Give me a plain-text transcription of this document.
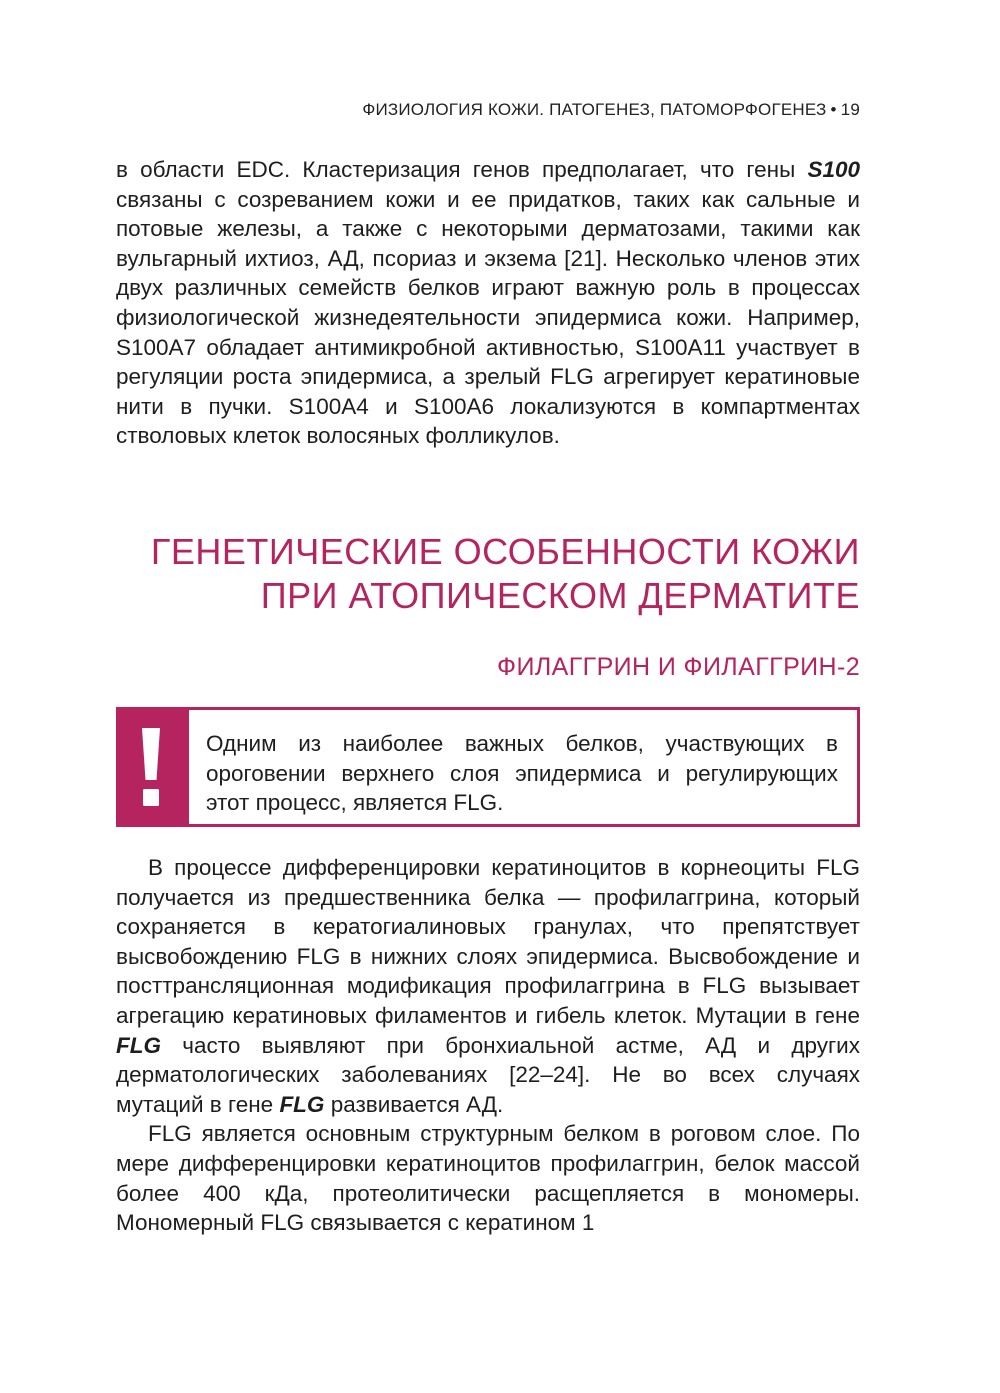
ФИЗИОЛОГИЯ КОЖИ. ПАТОГЕНЕЗ, ПАТОМОРФОГЕНЕЗ • 19

в области EDC. Кластеризация генов предполагает, что гены S100 связаны с созреванием кожи и ее придатков, таких как сальные и потовые железы, а также с некоторыми дерматозами, такими как вульгарный ихтиоз, АД, псориаз и экзема [21]. Несколько членов этих двух различных семейств белков играют важную роль в процессах физиологической жизнедеятельности эпидермиса кожи. Например, S100A7 обладает антимикробной активностью, S100A11 участвует в регуляции роста эпидермиса, а зрелый FLG агрегирует кератиновые нити в пучки. S100A4 и S100A6 локализуются в компартментах стволовых клеток волосяных фолликулов.

ГЕНЕТИЧЕСКИЕ ОСОБЕННОСТИ КОЖИ
ПРИ АТОПИЧЕСКОМ ДЕРМАТИТЕ
ФИЛАГГРИН И ФИЛАГГРИН-2
Одним из наиболее важных белков, участвующих в ороговении верхнего слоя эпидермиса и регулирующих этот процесс, является FLG.

В процессе дифференцировки кератиноцитов в корнеоциты FLG получается из предшественника белка — профилаггрина, который сохраняется в кератогиалиновых гранулах, что препятствует высвобождению FLG в нижних слоях эпидермиса. Высвобождение и посттрансляционная модификация профилаггрина в FLG вызывает агрегацию кератиновых филаментов и гибель клеток. Мутации в гене FLG часто выявляют при бронхиальной астме, АД и других дерматологических заболеваниях [22–24]. Не во всех случаях мутаций в гене FLG развивается АД.

FLG является основным структурным белком в роговом слое. По мере дифференцировки кератиноцитов профилаггрин, белок массой более 400 кДа, протеолитически расщепляется в мономеры. Мономерный FLG связывается с кератином 1
